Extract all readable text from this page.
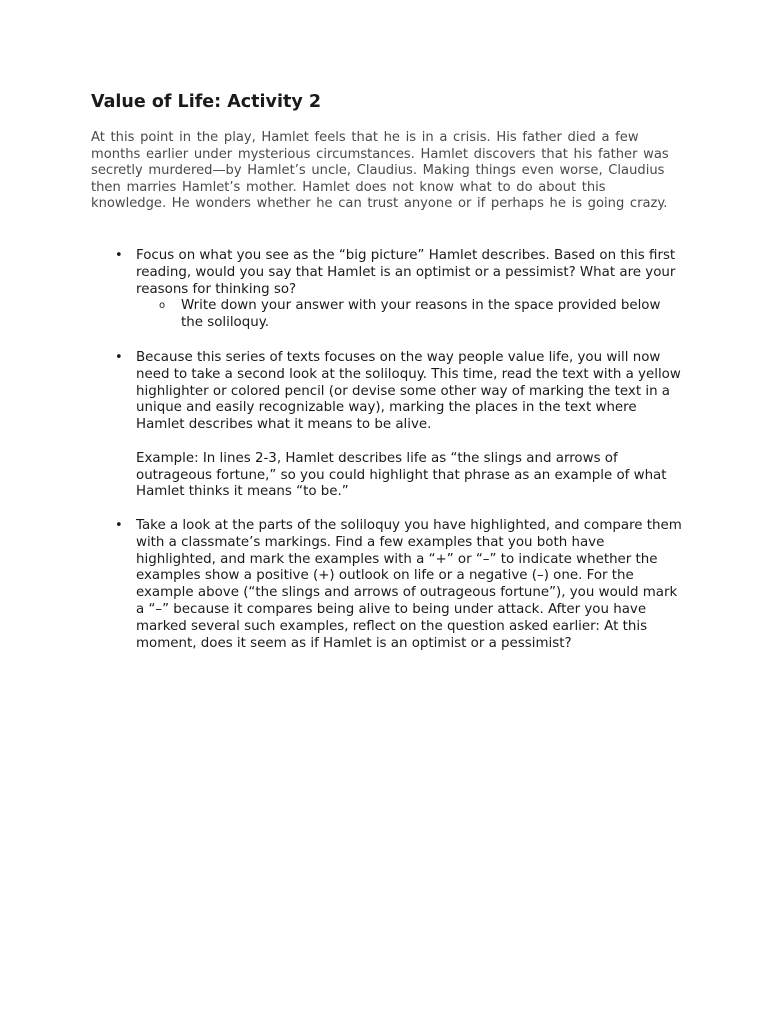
Value of Life: Activity 2

At this point in the play, Hamlet feels that he is in a crisis. His father died a few months earlier under mysterious circumstances. Hamlet discovers that his father was secretly murdered—by Hamlet’s uncle, Claudius. Making things even worse, Claudius then marries Hamlet’s mother. Hamlet does not know what to do about this knowledge. He wonders whether he can trust anyone or if perhaps he is going crazy.

• Focus on what you see as the “big picture” Hamlet describes. Based on this first reading, would you say that Hamlet is an optimist or a pessimist? What are your reasons for thinking so?

o Write down your answer with your reasons in the space provided below the soliloquy.
• Because this series of texts focuses on the way people value life, you will now need to take a second look at the soliloquy. This time, read the text with a yellow highlighter or colored pencil (or devise some other way of marking the text in a unique and easily recognizable way), marking the places in the text where Hamlet describes what it means to be alive.

Example: In lines 2-3, Hamlet describes life as “the slings and arrows of outrageous fortune,” so you could highlight that phrase as an example of what Hamlet thinks it means “to be.”

• Take a look at the parts of the soliloquy you have highlighted, and compare them with a classmate’s markings. Find a few examples that you both have highlighted, and mark the examples with a “+” or “–” to indicate whether the examples show a positive (+) outlook on life or a negative (–) one. For the example above (“the slings and arrows of outrageous fortune”), you would mark a “–” because it compares being alive to being under attack. After you have marked several such examples, reflect on the question asked earlier: At this moment, does it seem as if Hamlet is an optimist or a pessimist?
